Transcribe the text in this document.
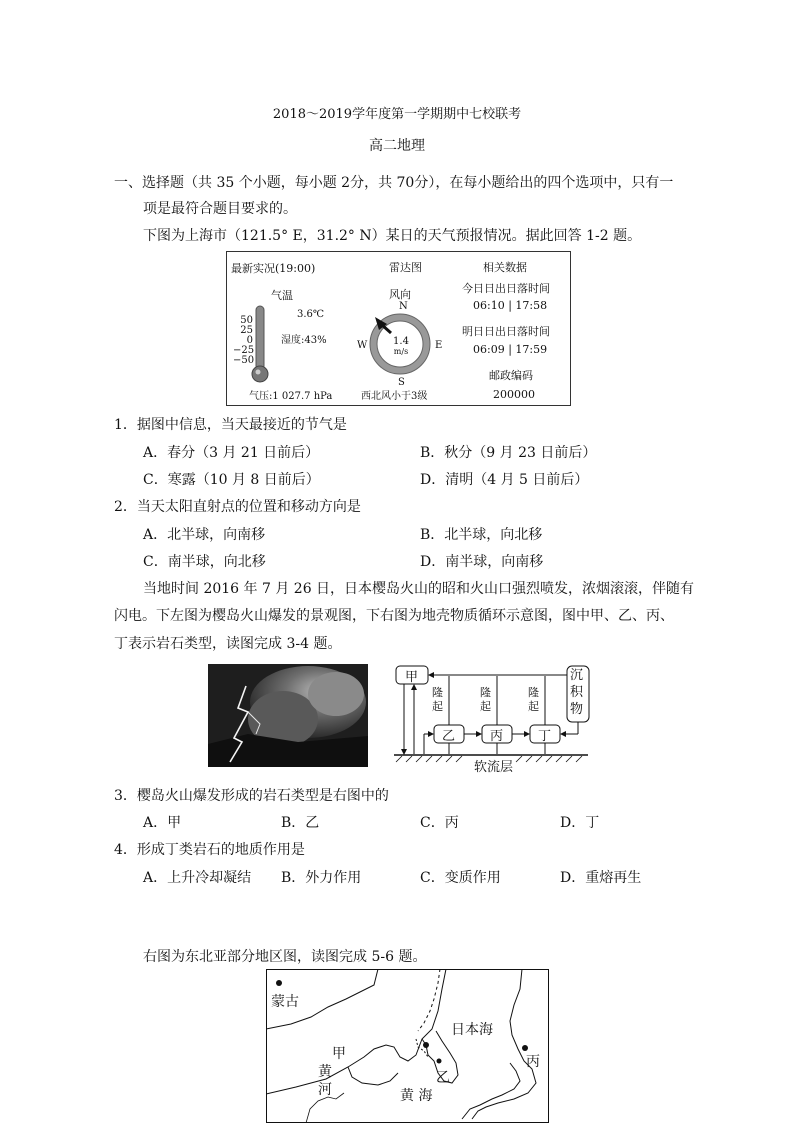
2018～2019学年度第一学期期中七校联考
高二地理
一、选择题（共 35 个小题，每小题 2分，共 70分），在每小题给出的四个选项中，只有一
项是最符合题目要求的。
下图为上海市（121.5° E，31.2° N）某日的天气预报情况。据此回答 1-2 题。
最新实况(19:00)	雷达图	相关数据
气温
3.6℃
湿度:43%
50
25
0
−25
−50
气压:1 027.7 hPa
风向
N
S
W	E
1.4
m/s
西北风小于3级
今日日出日落时间
06:10 | 17:58
明日日出日落时间
06:09 | 17:59
邮政编码
200000
1．据图中信息，当天最接近的节气是
A．春分（3 月 21 日前后）	B．秋分（9 月 23 日前后）
C．寒露（10 月 8 日前后）	D．清明（4 月 5 日前后）
2．当天太阳直射点的位置和移动方向是
A．北半球，向南移	B．北半球，向北移
C．南半球，向北移	D．南半球，向南移
当地时间 2016 年 7 月 26 日，日本樱岛火山的昭和火山口强烈喷发，浓烟滚滚，伴随有
闪电。下左图为樱岛火山爆发的景观图，下右图为地壳物质循环示意图，图中甲、乙、丙、
丁表示岩石类型，读图完成 3-4 题。
甲
乙	丙	丁
沉
积
物
隆
起
隆
起
隆
起
软流层
3．樱岛火山爆发形成的岩石类型是右图中的
A．甲	B．乙	C．丙	D．丁
4．形成丁类岩石的地质作用是
A．上升冷却凝结 B．外力作用	C．变质作用	D．重熔再生
右图为东北亚部分地区图，读图完成 5-6 题。
蒙古
日本海
甲
乙
丙
黄
河	黄 海
